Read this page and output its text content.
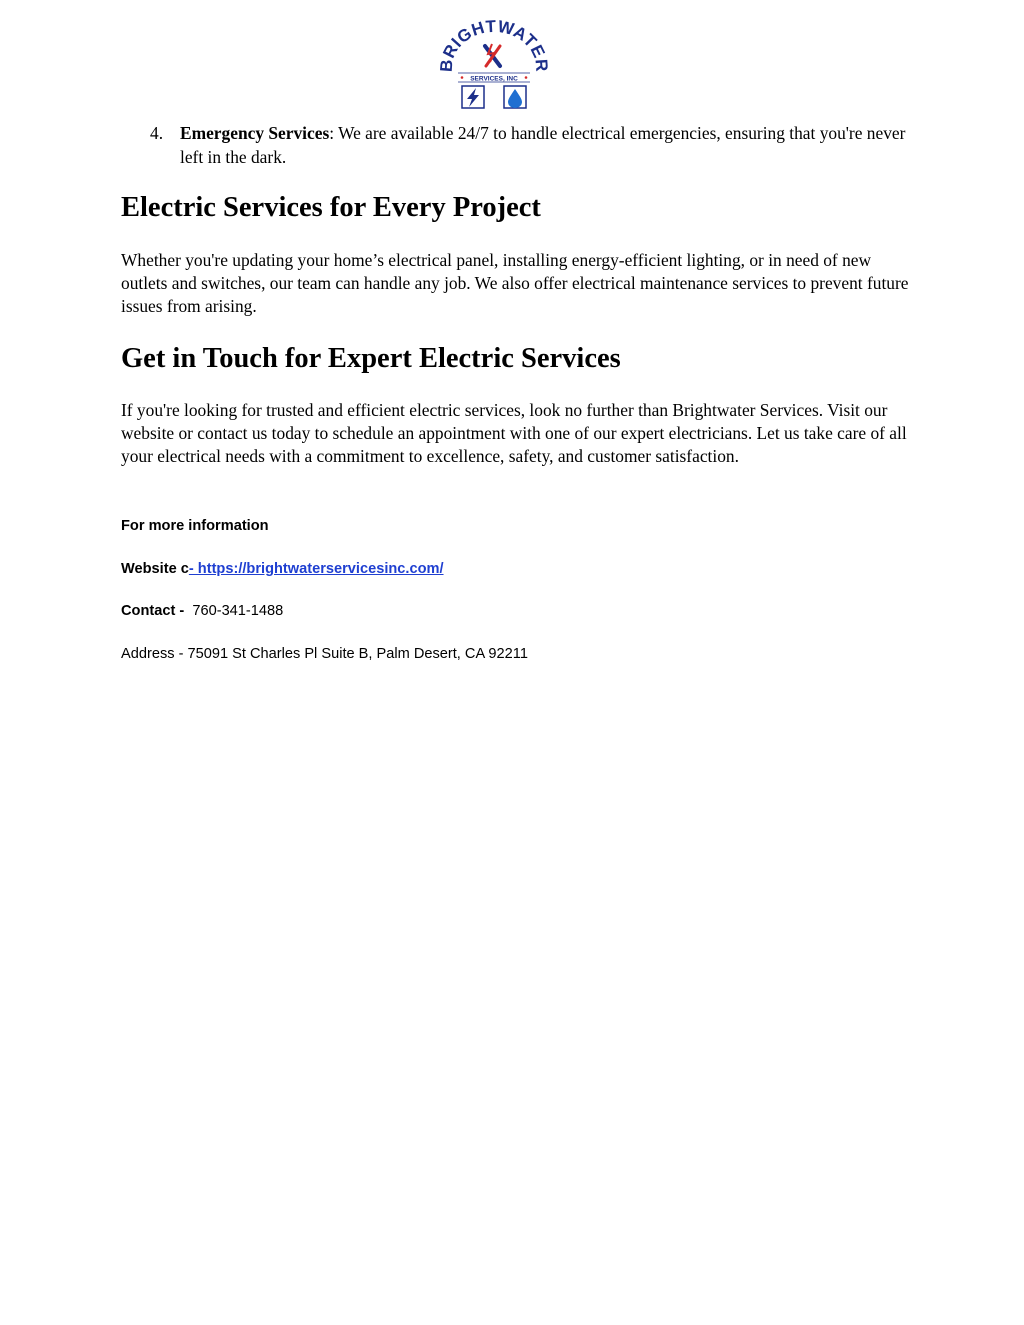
RIGHTWATE
SERVICES, INC
4. Emergency Services: We are available 24/7 to handle electrical emergencies, ensuring that you're never left in the dark.
Electric Services for Every Project

Whether you're updating your home’s electrical panel, installing energy-efficient lighting, or in need of new outlets and switches, our team can handle any job. We also offer electrical maintenance services to prevent future issues from arising.

Get in Touch for Expert Electric Services

If you're looking for trusted and efficient electric services, look no further than Brightwater Services. Visit our website or contact us today to schedule an appointment with one of our expert electricians. Let us take care of all your electrical needs with a commitment to excellence, safety, and customer satisfaction.

For more information
Website c- https://brightwaterservicesinc.com/
Contact - 760-341-1488
Address - 75091 St Charles Pl Suite B, Palm Desert, CA 92211
